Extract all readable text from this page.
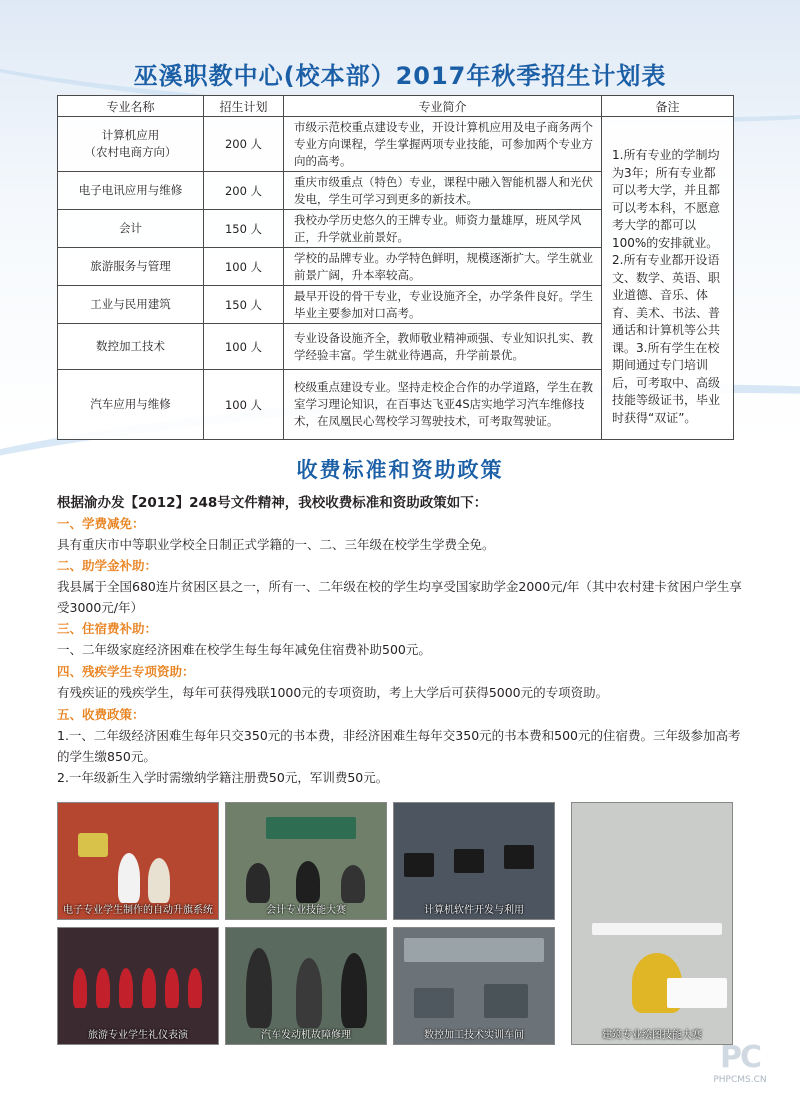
巫溪职教中心(校本部）2017年秋季招生计划表
专业名称	招生计划	专业简介	备注
计算机应用
（农村电商方向）	200 人	市级示范校重点建设专业，开设计算机应用及电子商务两个专业方向课程，学生掌握两项专业技能，可参加两个专业方向的高考。	1.所有专业的学制均为3年；所有专业都可以考大学，并且都可以考本科，不愿意考大学的都可以100%的安排就业。2.所有专业都开设语文、数学、英语、职业道德、音乐、体育、美术、书法、普通话和计算机等公共课。3.所有学生在校期间通过专门培训后，可考取中、高级技能等级证书，毕业时获得“双证”。
电子电讯应用与维修	200 人	重庆市级重点（特色）专业，课程中融入智能机器人和光伏发电，学生可学习到更多的新技术。	
会计	150 人	我校办学历史悠久的王牌专业。师资力量雄厚，班风学风正，升学就业前景好。	
旅游服务与管理	100 人	学校的品牌专业。办学特色鲜明，规模逐渐扩大。学生就业前景广阔，升本率较高。	
工业与民用建筑	150 人	最早开设的骨干专业，专业设施齐全，办学条件良好。学生毕业主要参加对口高考。	
数控加工技术	100 人	专业设备设施齐全，教师敬业精神顽强、专业知识扎实、教学经验丰富。学生就业待遇高，升学前景优。	
汽车应用与维修	100 人	校级重点建设专业。坚持走校企合作的办学道路，学生在教室学习理论知识，在百事达飞亚4S店实地学习汽车维修技术，在凤凰民心驾校学习驾驶技术，可考取驾驶证。	
收费标准和资助政策
根据渝办发【2012】248号文件精神，我校收费标准和资助政策如下：
一、学费减免：
具有重庆市中等职业学校全日制正式学籍的一、二、三年级在校学生学费全免。
二、助学金补助：
我县属于全国680连片贫困区县之一，所有一、二年级在校的学生均享受国家助学金2000元/年（其中农村建卡贫困户学生享受3000元/年）
三、住宿费补助：
一、二年级家庭经济困难在校学生每生每年减免住宿费补助500元。
四、残疾学生专项资助：
有残疾证的残疾学生，每年可获得残联1000元的专项资助，考上大学后可获得5000元的专项资助。
五、收费政策：
1.一、二年级经济困难生每年只交350元的书本费，非经济困难生每年交350元的书本费和500元的住宿费。三年级参加高考的学生缴850元。
2.一年级新生入学时需缴纳学籍注册费50元，军训费50元。
电子专业学生制作的自动升旗系统	会计专业技能大赛	计算机软件开发与利用
建筑专业绘图技能大赛
旅游专业学生礼仪表演	汽车发动机故障修理	数控加工技术实训车间
PC
PHPCMS.CN
